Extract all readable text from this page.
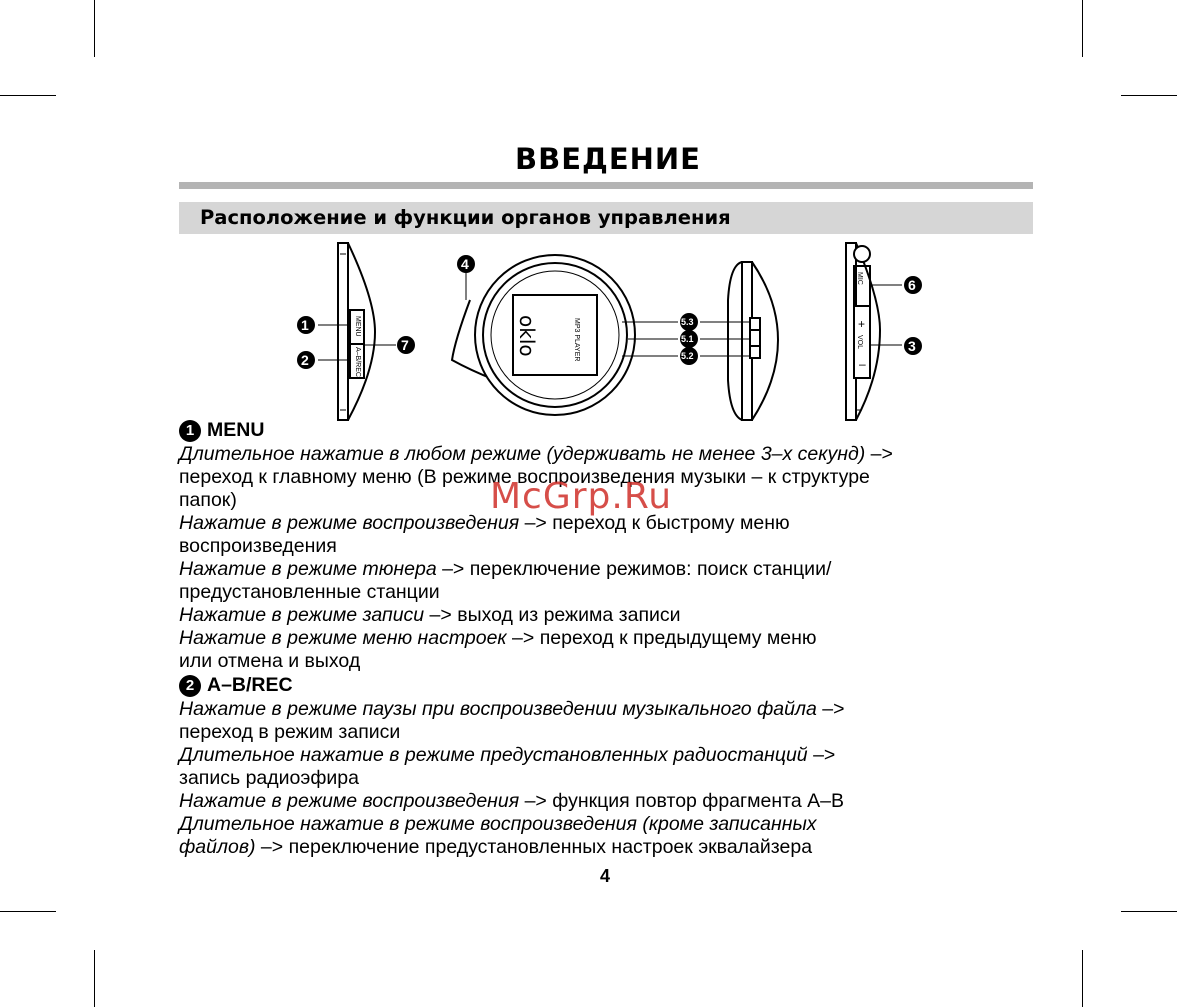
ВВЕДЕНИЕ
Расположение и функции органов управления
MENU
A–B/REC
oklo	MP3 PLAYER
MIC
VOL
+
–
1
2
7
4
5.3
5.1
5.2
6
3
1 MENU
Длительное нажатие в любом режиме (удерживать не менее 3–х секунд) –>
переход к главному меню (В режиме воспроизведения музыки – к структуре
папок)
Нажатие в режиме воспроизведения –> переход к быстрому меню
воспроизведения
Нажатие в режиме тюнера –> переключение режимов: поиск станции/
предустановленные станции
Нажатие в режиме записи –> выход из режима записи
Нажатие в режиме меню настроек –> переход к предыдущему меню
или отмена и выход
2 A–B/REC
Нажатие в режиме паузы при воспроизведении музыкального файла –>
переход в режим записи
Длительное нажатие в режиме предустановленных радиостанций –>
запись радиоэфира
Нажатие в режиме воспроизведения –> функция повтор фрагмента A–B
Длительное нажатие в режиме воспроизведения (кроме записанных
файлов) –> переключение предустановленных настроек эквалайзера
McGrp.Ru
4
